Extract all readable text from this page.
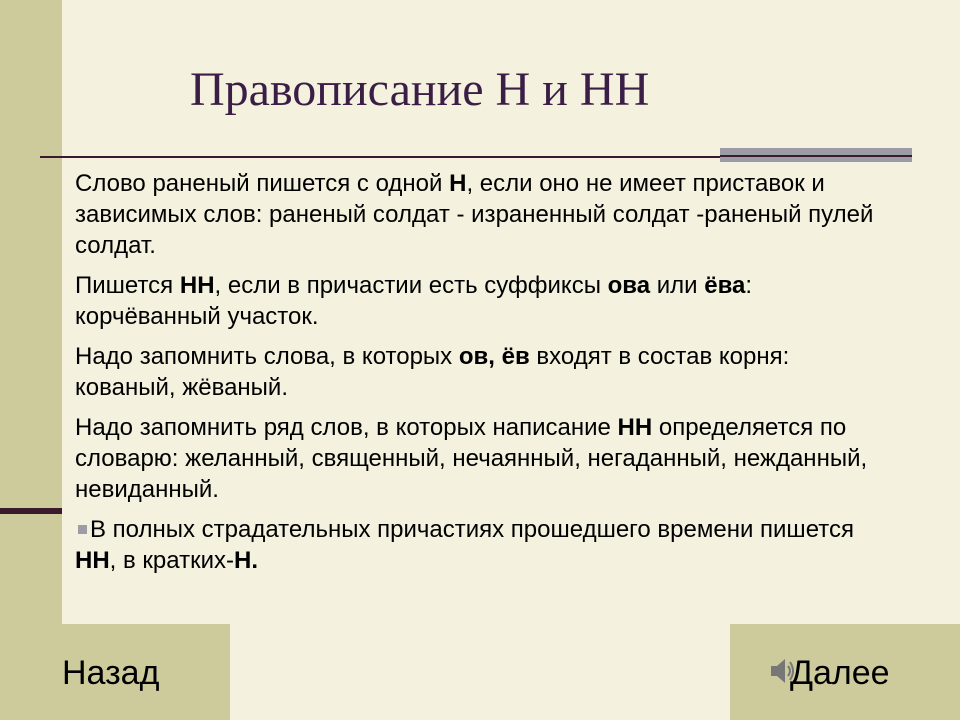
Правописание Н и НН

Слово раненый пишется с одной Н, если оно не имеет приставок и зависимых слов: раненый солдат - израненный солдат -раненый пулей солдат.

Пишется НН, если в причастии есть суффиксы ова или ёва: корчёванный участок.

Надо запомнить слова, в которых ов, ёв входят в состав корня: кованый, жёваный.

Надо запомнить ряд слов, в которых написание НН определяется по словарю: желанный, священный, нечаянный, негаданный, нежданный, невиданный.

В полных страдательных причастиях прошедшего времени пишется НН, в кратких-Н.

Назад	Далее
